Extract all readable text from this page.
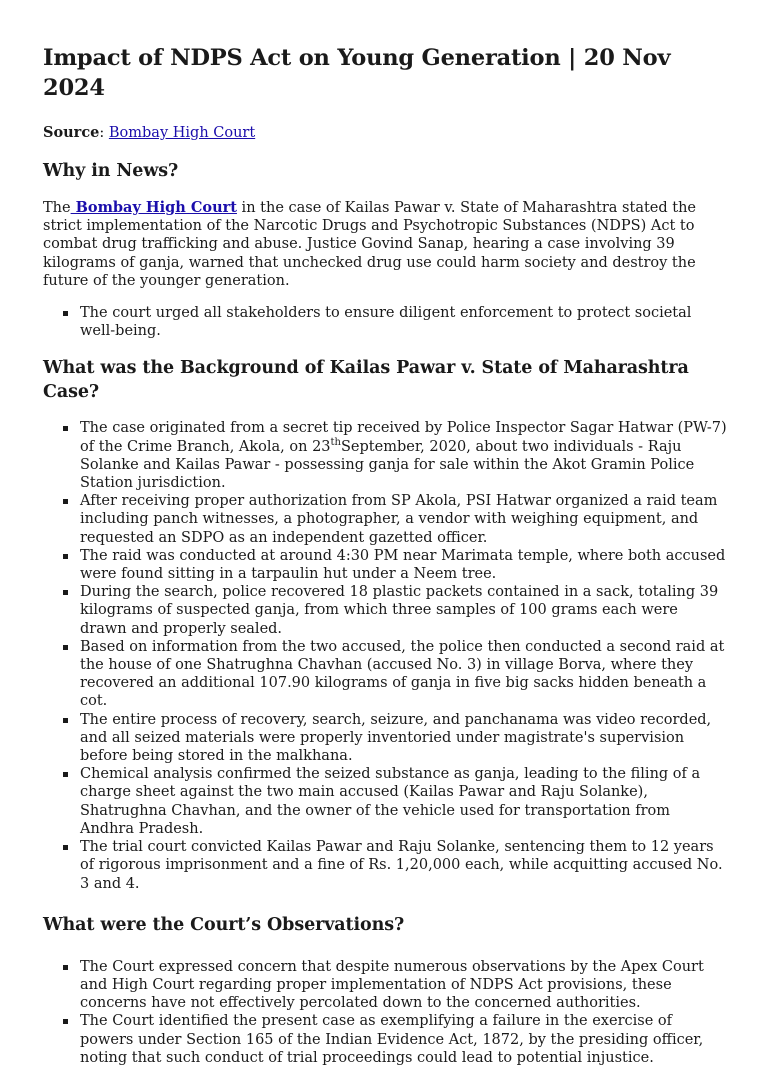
Impact of NDPS Act on Young Generation | 20 Nov 2024
Source: Bombay High Court
Why in News?

The Bombay High Court in the case of Kailas Pawar v. State of Maharashtra stated the strict implementation of the Narcotic Drugs and Psychotropic Substances (NDPS) Act to combat drug trafficking and abuse. Justice Govind Sanap, hearing a case involving 39 kilograms of ganja, warned that unchecked drug use could harm society and destroy the future of the younger generation.

The court urged all stakeholders to ensure diligent enforcement to protect societal well-being.
What was the Background of Kailas Pawar v. State of Maharashtra Case?
The case originated from a secret tip received by Police Inspector Sagar Hatwar (PW-7) of the Crime Branch, Akola, on 23thSeptember, 2020, about two individuals - Raju Solanke and Kailas Pawar - possessing ganja for sale within the Akot Gramin Police Station jurisdiction.
After receiving proper authorization from SP Akola, PSI Hatwar organized a raid team including panch witnesses, a photographer, a vendor with weighing equipment, and requested an SDPO as an independent gazetted officer.
The raid was conducted at around 4:30 PM near Marimata temple, where both accused were found sitting in a tarpaulin hut under a Neem tree.
During the search, police recovered 18 plastic packets contained in a sack, totaling 39 kilograms of suspected ganja, from which three samples of 100 grams each were drawn and properly sealed.
Based on information from the two accused, the police then conducted a second raid at the house of one Shatrughna Chavhan (accused No. 3) in village Borva, where they recovered an additional 107.90 kilograms of ganja in five big sacks hidden beneath a cot.
The entire process of recovery, search, seizure, and panchanama was video recorded, and all seized materials were properly inventoried under magistrate's supervision before being stored in the malkhana.
Chemical analysis confirmed the seized substance as ganja, leading to the filing of a charge sheet against the two main accused (Kailas Pawar and Raju Solanke), Shatrughna Chavhan, and the owner of the vehicle used for transportation from Andhra Pradesh.
The trial court convicted Kailas Pawar and Raju Solanke, sentencing them to 12 years of rigorous imprisonment and a fine of Rs. 1,20,000 each, while acquitting accused No. 3 and 4.
What were the Court’s Observations?
The Court expressed concern that despite numerous observations by the Apex Court and High Court regarding proper implementation of NDPS Act provisions, these concerns have not effectively percolated down to the concerned authorities.
The Court identified the present case as exemplifying a failure in the exercise of powers under Section 165 of the Indian Evidence Act, 1872, by the presiding officer, noting that such conduct of trial proceedings could lead to potential injustice.
